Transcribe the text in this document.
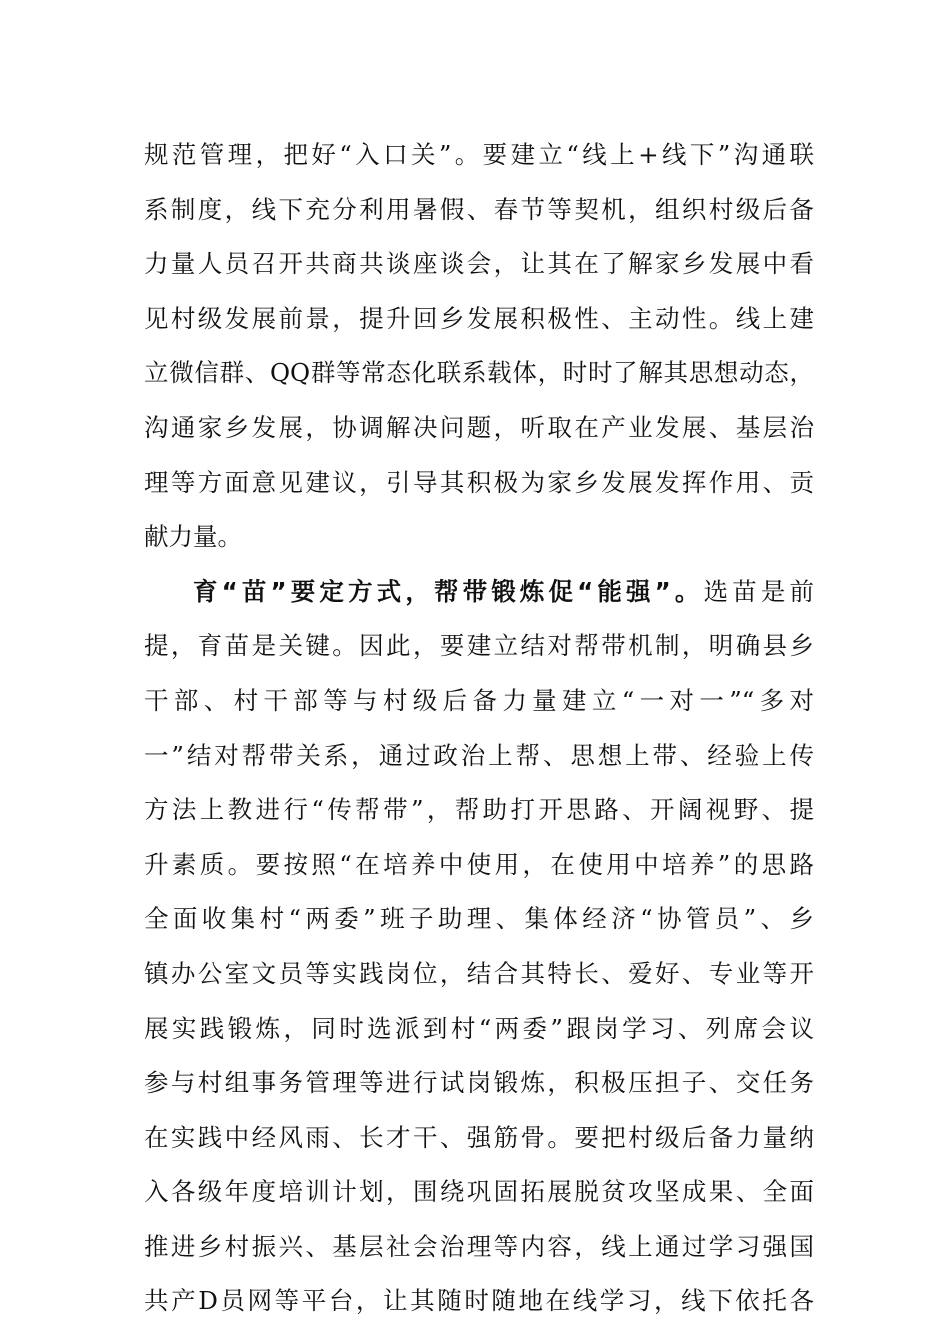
规范管理，把好“入口关”。要建立“线上+线下”沟通联
系制度，线下充分利用暑假、春节等契机，组织村级后备
力量人员召开共商共谈座谈会，让其在了解家乡发展中看
见村级发展前景，提升回乡发展积极性、主动性。线上建
立微信群、QQ群等常态化联系载体，时时了解其思想动态，
沟通家乡发展，协调解决问题，听取在产业发展、基层治
理等方面意见建议，引导其积极为家乡发展发挥作用、贡
献力量。
育“苗”要定方式，帮带锻炼促“能强”。选苗是前
提，育苗是关键。因此，要建立结对帮带机制，明确县乡
干部、村干部等与村级后备力量建立“一对一”“多对
一”结对帮带关系，通过政治上帮、思想上带、经验上传
方法上教进行“传帮带”，帮助打开思路、开阔视野、提
升素质。要按照“在培养中使用，在使用中培养”的思路
全面收集村“两委”班子助理、集体经济“协管员”、乡
镇办公室文员等实践岗位，结合其特长、爱好、专业等开
展实践锻炼，同时选派到村“两委”跟岗学习、列席会议
参与村组事务管理等进行试岗锻炼，积极压担子、交任务
在实践中经风雨、长才干、强筋骨。要把村级后备力量纳
入各级年度培训计划，围绕巩固拓展脱贫攻坚成果、全面
推进乡村振兴、基层社会治理等内容，线上通过学习强国
共产D员网等平台，让其随时随地在线学习，线下依托各
